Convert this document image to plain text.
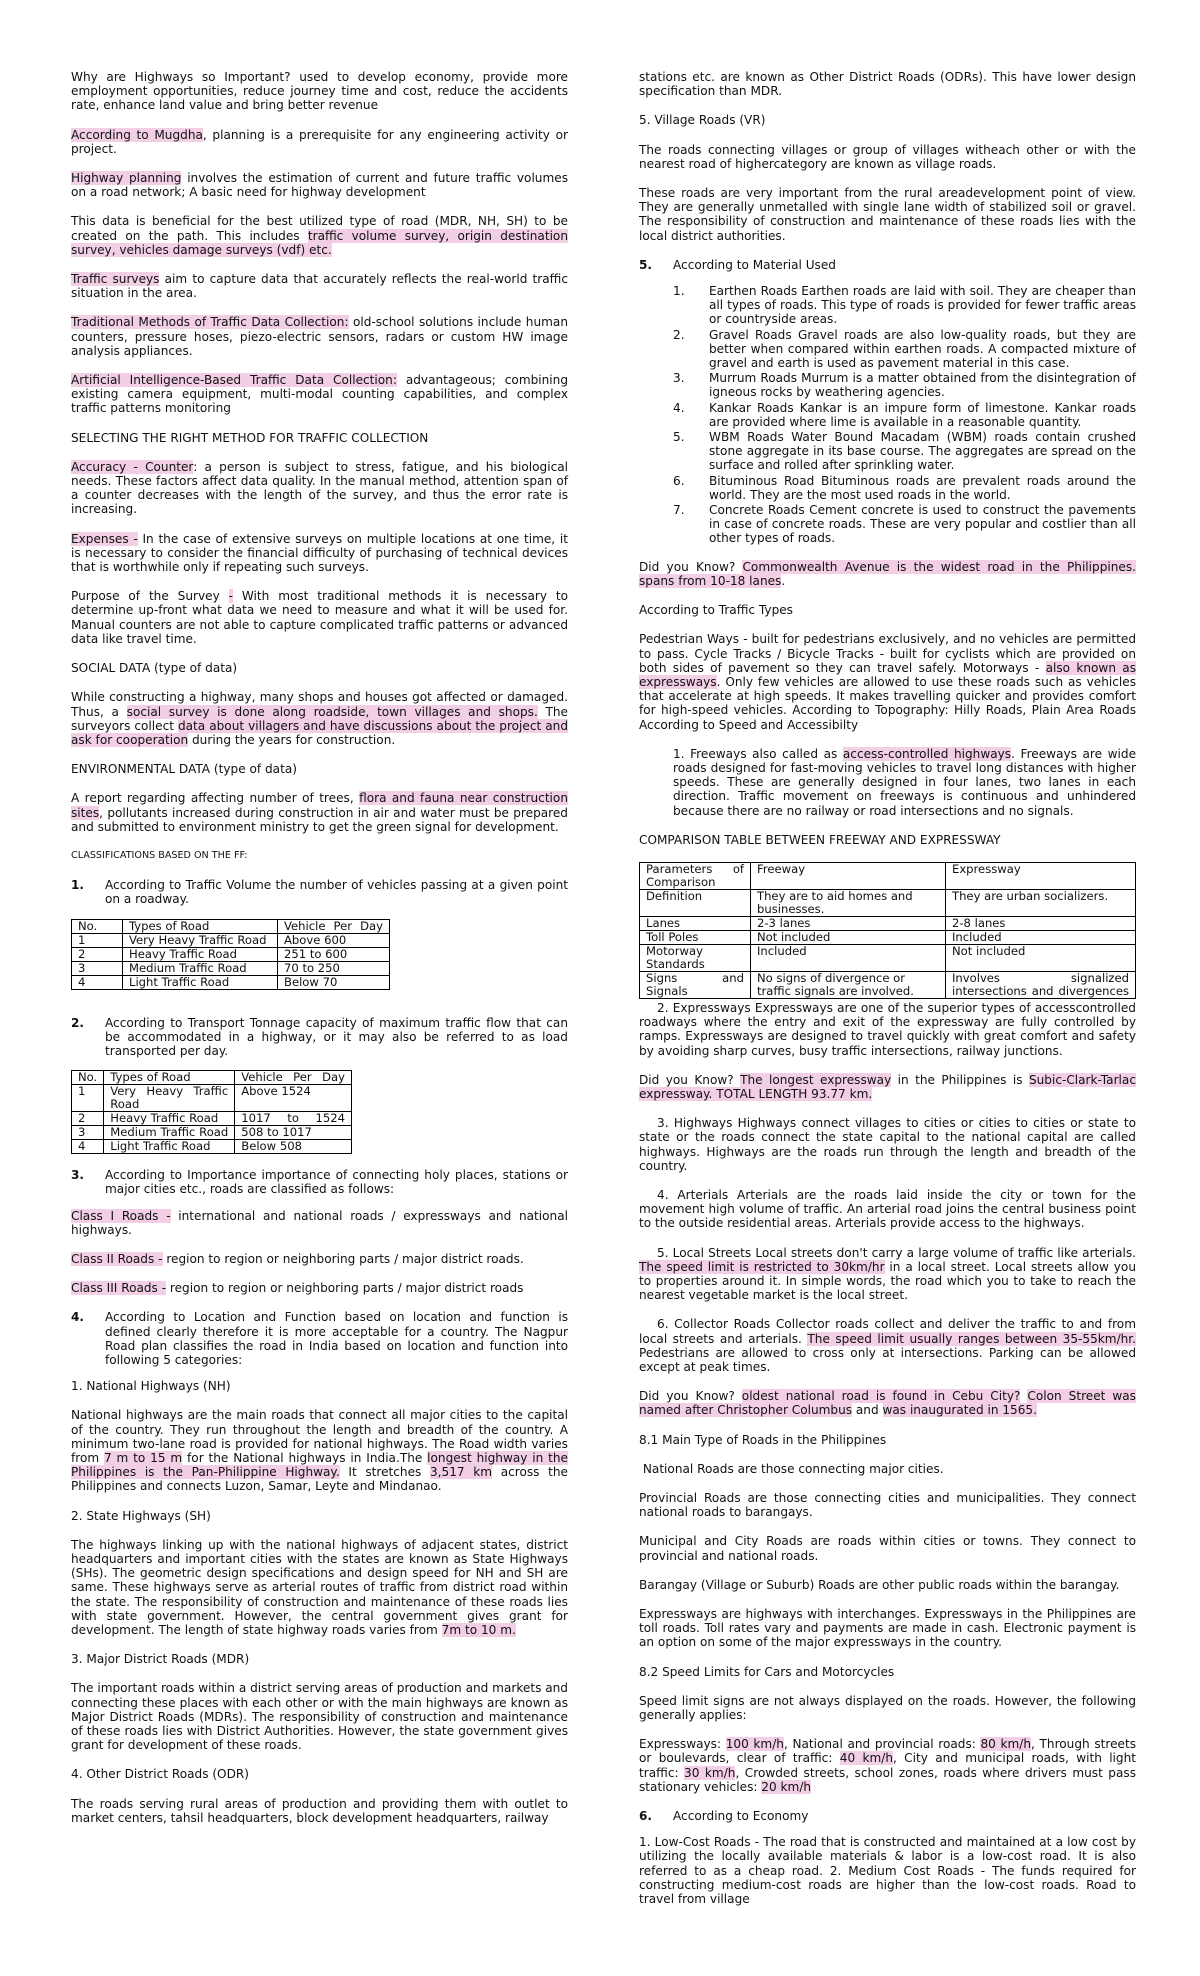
Why are Highways so Important? used to develop economy, provide more employment opportunities, reduce journey time and cost, reduce the accidents rate, enhance land value and bring better revenue

According to Mugdha, planning is a prerequisite for any engineering activity or project.

Highway planning involves the estimation of current and future traffic volumes on a road network; A basic need for highway development

This data is beneficial for the best utilized type of road (MDR, NH, SH) to be created on the path. This includes traffic volume survey, origin destination survey, vehicles damage surveys (vdf) etc.

Traffic surveys aim to capture data that accurately reflects the real-world traffic situation in the area.

Traditional Methods of Traffic Data Collection: old-school solutions include human counters, pressure hoses, piezo-electric sensors, radars or custom HW image analysis appliances.

Artificial Intelligence-Based Traffic Data Collection: advantageous; combining existing camera equipment, multi-modal counting capabilities, and complex traffic patterns monitoring

SELECTING THE RIGHT METHOD FOR TRAFFIC COLLECTION

Accuracy - Counter: a person is subject to stress, fatigue, and his biological needs. These factors affect data quality. In the manual method, attention span of a counter decreases with the length of the survey, and thus the error rate is increasing.

Expenses - In the case of extensive surveys on multiple locations at one time, it is necessary to consider the financial difficulty of purchasing of technical devices that is worthwhile only if repeating such surveys.

Purpose of the Survey - With most traditional methods it is necessary to determine up-front what data we need to measure and what it will be used for. Manual counters are not able to capture complicated traffic patterns or advanced data like travel time.

SOCIAL DATA (type of data)

While constructing a highway, many shops and houses got affected or damaged. Thus, a social survey is done along roadside, town villages and shops. The surveyors collect data about villagers and have discussions about the project and ask for cooperation during the years for construction.

ENVIRONMENTAL DATA (type of data)

A report regarding affecting number of trees, flora and fauna near construction sites, pollutants increased during construction in air and water must be prepared and submitted to environment ministry to get the green signal for development.

CLASSIFICATIONS BASED ON THE FF:

1.	According to Traffic Volume the number of vehicles passing at a given point on a roadway.
No.	Types of Road	Vehicle Per Day
1	Very Heavy Traffic Road	Above 600
2	Heavy Traffic Road	251 to 600
3	Medium Traffic Road	70 to 250
4	Light Traffic Road	Below 70
2.	According to Transport Tonnage capacity of maximum traffic flow that can be accommodated in a highway, or it may also be referred to as load transported per day.
No.	Types of Road	Vehicle Per Day
1	Very Heavy Traffic Road	Above 1524
2	Heavy Traffic Road	1017 to 1524
3	Medium Traffic Road	508 to 1017
4	Light Traffic Road	Below 508
3.	According to Importance importance of connecting holy places, stations or major cities etc., roads are classified as follows:

Class I Roads - international and national roads / expressways and national highways.

Class II Roads - region to region or neighboring parts / major district roads.

Class III Roads - region to region or neighboring parts / major district roads

4.	According to Location and Function based on location and function is defined clearly therefore it is more acceptable for a country. The Nagpur Road plan classifies the road in India based on location and function into following 5 categories:

1. National Highways (NH)

National highways are the main roads that connect all major cities to the capital of the country. They run throughout the length and breadth of the country. A minimum two-lane road is provided for national highways. The Road width varies from 7 m to 15 m for the National highways in India.The longest highway in the Philippines is the Pan-Philippine Highway. It stretches 3,517 km across the Philippines and connects Luzon, Samar, Leyte and Mindanao.

2. State Highways (SH)

The highways linking up with the national highways of adjacent states, district headquarters and important cities with the states are known as State Highways (SHs). The geometric design specifications and design speed for NH and SH are same. These highways serve as arterial routes of traffic from district road within the state. The responsibility of construction and maintenance of these roads lies with state government. However, the central government gives grant for development. The length of state highway roads varies from 7m to 10 m.

3. Major District Roads (MDR)

The important roads within a district serving areas of production and markets and connecting these places with each other or with the main highways are known as Major District Roads (MDRs). The responsibility of construction and maintenance of these roads lies with District Authorities. However, the state government gives grant for development of these roads.

4. Other District Roads (ODR)

The roads serving rural areas of production and providing them with outlet to market centers, tahsil headquarters, block development headquarters, railway

stations etc. are known as Other District Roads (ODRs). This have lower design specification than MDR.

5. Village Roads (VR)

The roads connecting villages or group of villages witheach other or with the nearest road of highercategory are known as village roads.

These roads are very important from the rural areadevelopment point of view. They are generally unmetalled with single lane width of stabilized soil or gravel. The responsibility of construction and maintenance of these roads lies with the local district authorities.

5.	According to Material Used
1.	Earthen Roads Earthen roads are laid with soil. They are cheaper than all types of roads. This type of roads is provided for fewer traffic areas or countryside areas.
2.	Gravel Roads Gravel roads are also low-quality roads, but they are better when compared within earthen roads. A compacted mixture of gravel and earth is used as pavement material in this case.
3.	Murrum Roads Murrum is a matter obtained from the disintegration of igneous rocks by weathering agencies.
4.	Kankar Roads Kankar is an impure form of limestone. Kankar roads are provided where lime is available in a reasonable quantity.
5.	WBM Roads Water Bound Macadam (WBM) roads contain crushed stone aggregate in its base course. The aggregates are spread on the surface and rolled after sprinkling water.
6.	Bituminous Road Bituminous roads are prevalent roads around the world. They are the most used roads in the world.
7.	Concrete Roads Cement concrete is used to construct the pavements in case of concrete roads. These are very popular and costlier than all other types of roads.

Did you Know? Commonwealth Avenue is the widest road in the Philippines. spans from 10-18 lanes.

According to Traffic Types

Pedestrian Ways - built for pedestrians exclusively, and no vehicles are permitted to pass. Cycle Tracks / Bicycle Tracks - built for cyclists which are provided on both sides of pavement so they can travel safely. Motorways - also known as expressways. Only few vehicles are allowed to use these roads such as vehicles that accelerate at high speeds. It makes travelling quicker and provides comfort for high-speed vehicles. According to Topography: Hilly Roads, Plain Area Roads According to Speed and Accessibilty

1. Freeways also called as access-controlled highways. Freeways are wide roads designed for fast-moving vehicles to travel long distances with higher speeds. These are generally designed in four lanes, two lanes in each direction. Traffic movement on freeways is continuous and unhindered because there are no railway or road intersections and no signals.

COMPARISON TABLE BETWEEN FREEWAY AND EXPRESSWAY

Parameters of Comparison	Freeway	Expressway
Definition	They are to aid homes and businesses.	They are urban socializers.
Lanes	2-3 lanes	2-8 lanes
Toll Poles	Not included	Included
Motorway Standards	Included	Not included
Signs and Signals	No signs of divergence or traffic signals are involved.	Involves signalized intersections and divergences

2. Expressways Expressways are one of the superior types of accesscontrolled roadways where the entry and exit of the expressway are fully controlled by ramps. Expressways are designed to travel quickly with great comfort and safety by avoiding sharp curves, busy traffic intersections, railway junctions.

Did you Know? The longest expressway in the Philippines is Subic-Clark-Tarlac expressway. TOTAL LENGTH 93.77 km.

3. Highways Highways connect villages to cities or cities to cities or state to state or the roads connect the state capital to the national capital are called highways. Highways are the roads run through the length and breadth of the country.

4. Arterials Arterials are the roads laid inside the city or town for the movement high volume of traffic. An arterial road joins the central business point to the outside residential areas. Arterials provide access to the highways.

5. Local Streets Local streets don't carry a large volume of traffic like arterials. The speed limit is restricted to 30km/hr in a local street. Local streets allow you to properties around it. In simple words, the road which you to take to reach the nearest vegetable market is the local street.

6. Collector Roads Collector roads collect and deliver the traffic to and from local streets and arterials. The speed limit usually ranges between 35-55km/hr. Pedestrians are allowed to cross only at intersections. Parking can be allowed except at peak times.

Did you Know? oldest national road is found in Cebu City? Colon Street was named after Christopher Columbus and was inaugurated in 1565.

8.1 Main Type of Roads in the Philippines

National Roads are those connecting major cities.

Provincial Roads are those connecting cities and municipalities. They connect national roads to barangays.

Municipal and City Roads are roads within cities or towns. They connect to provincial and national roads.

Barangay (Village or Suburb) Roads are other public roads within the barangay.

Expressways are highways with interchanges. Expressways in the Philippines are toll roads. Toll rates vary and payments are made in cash. Electronic payment is an option on some of the major expressways in the country.

8.2 Speed Limits for Cars and Motorcycles

Speed limit signs are not always displayed on the roads. However, the following generally applies:

Expressways: 100 km/h, National and provincial roads: 80 km/h, Through streets or boulevards, clear of traffic: 40 km/h, City and municipal roads, with light traffic: 30 km/h, Crowded streets, school zones, roads where drivers must pass stationary vehicles: 20 km/h

6.	According to Economy

1. Low-Cost Roads - The road that is constructed and maintained at a low cost by utilizing the locally available materials & labor is a low-cost road. It is also referred to as a cheap road. 2. Medium Cost Roads - The funds required for constructing medium-cost roads are higher than the low-cost roads. Road to travel from village
